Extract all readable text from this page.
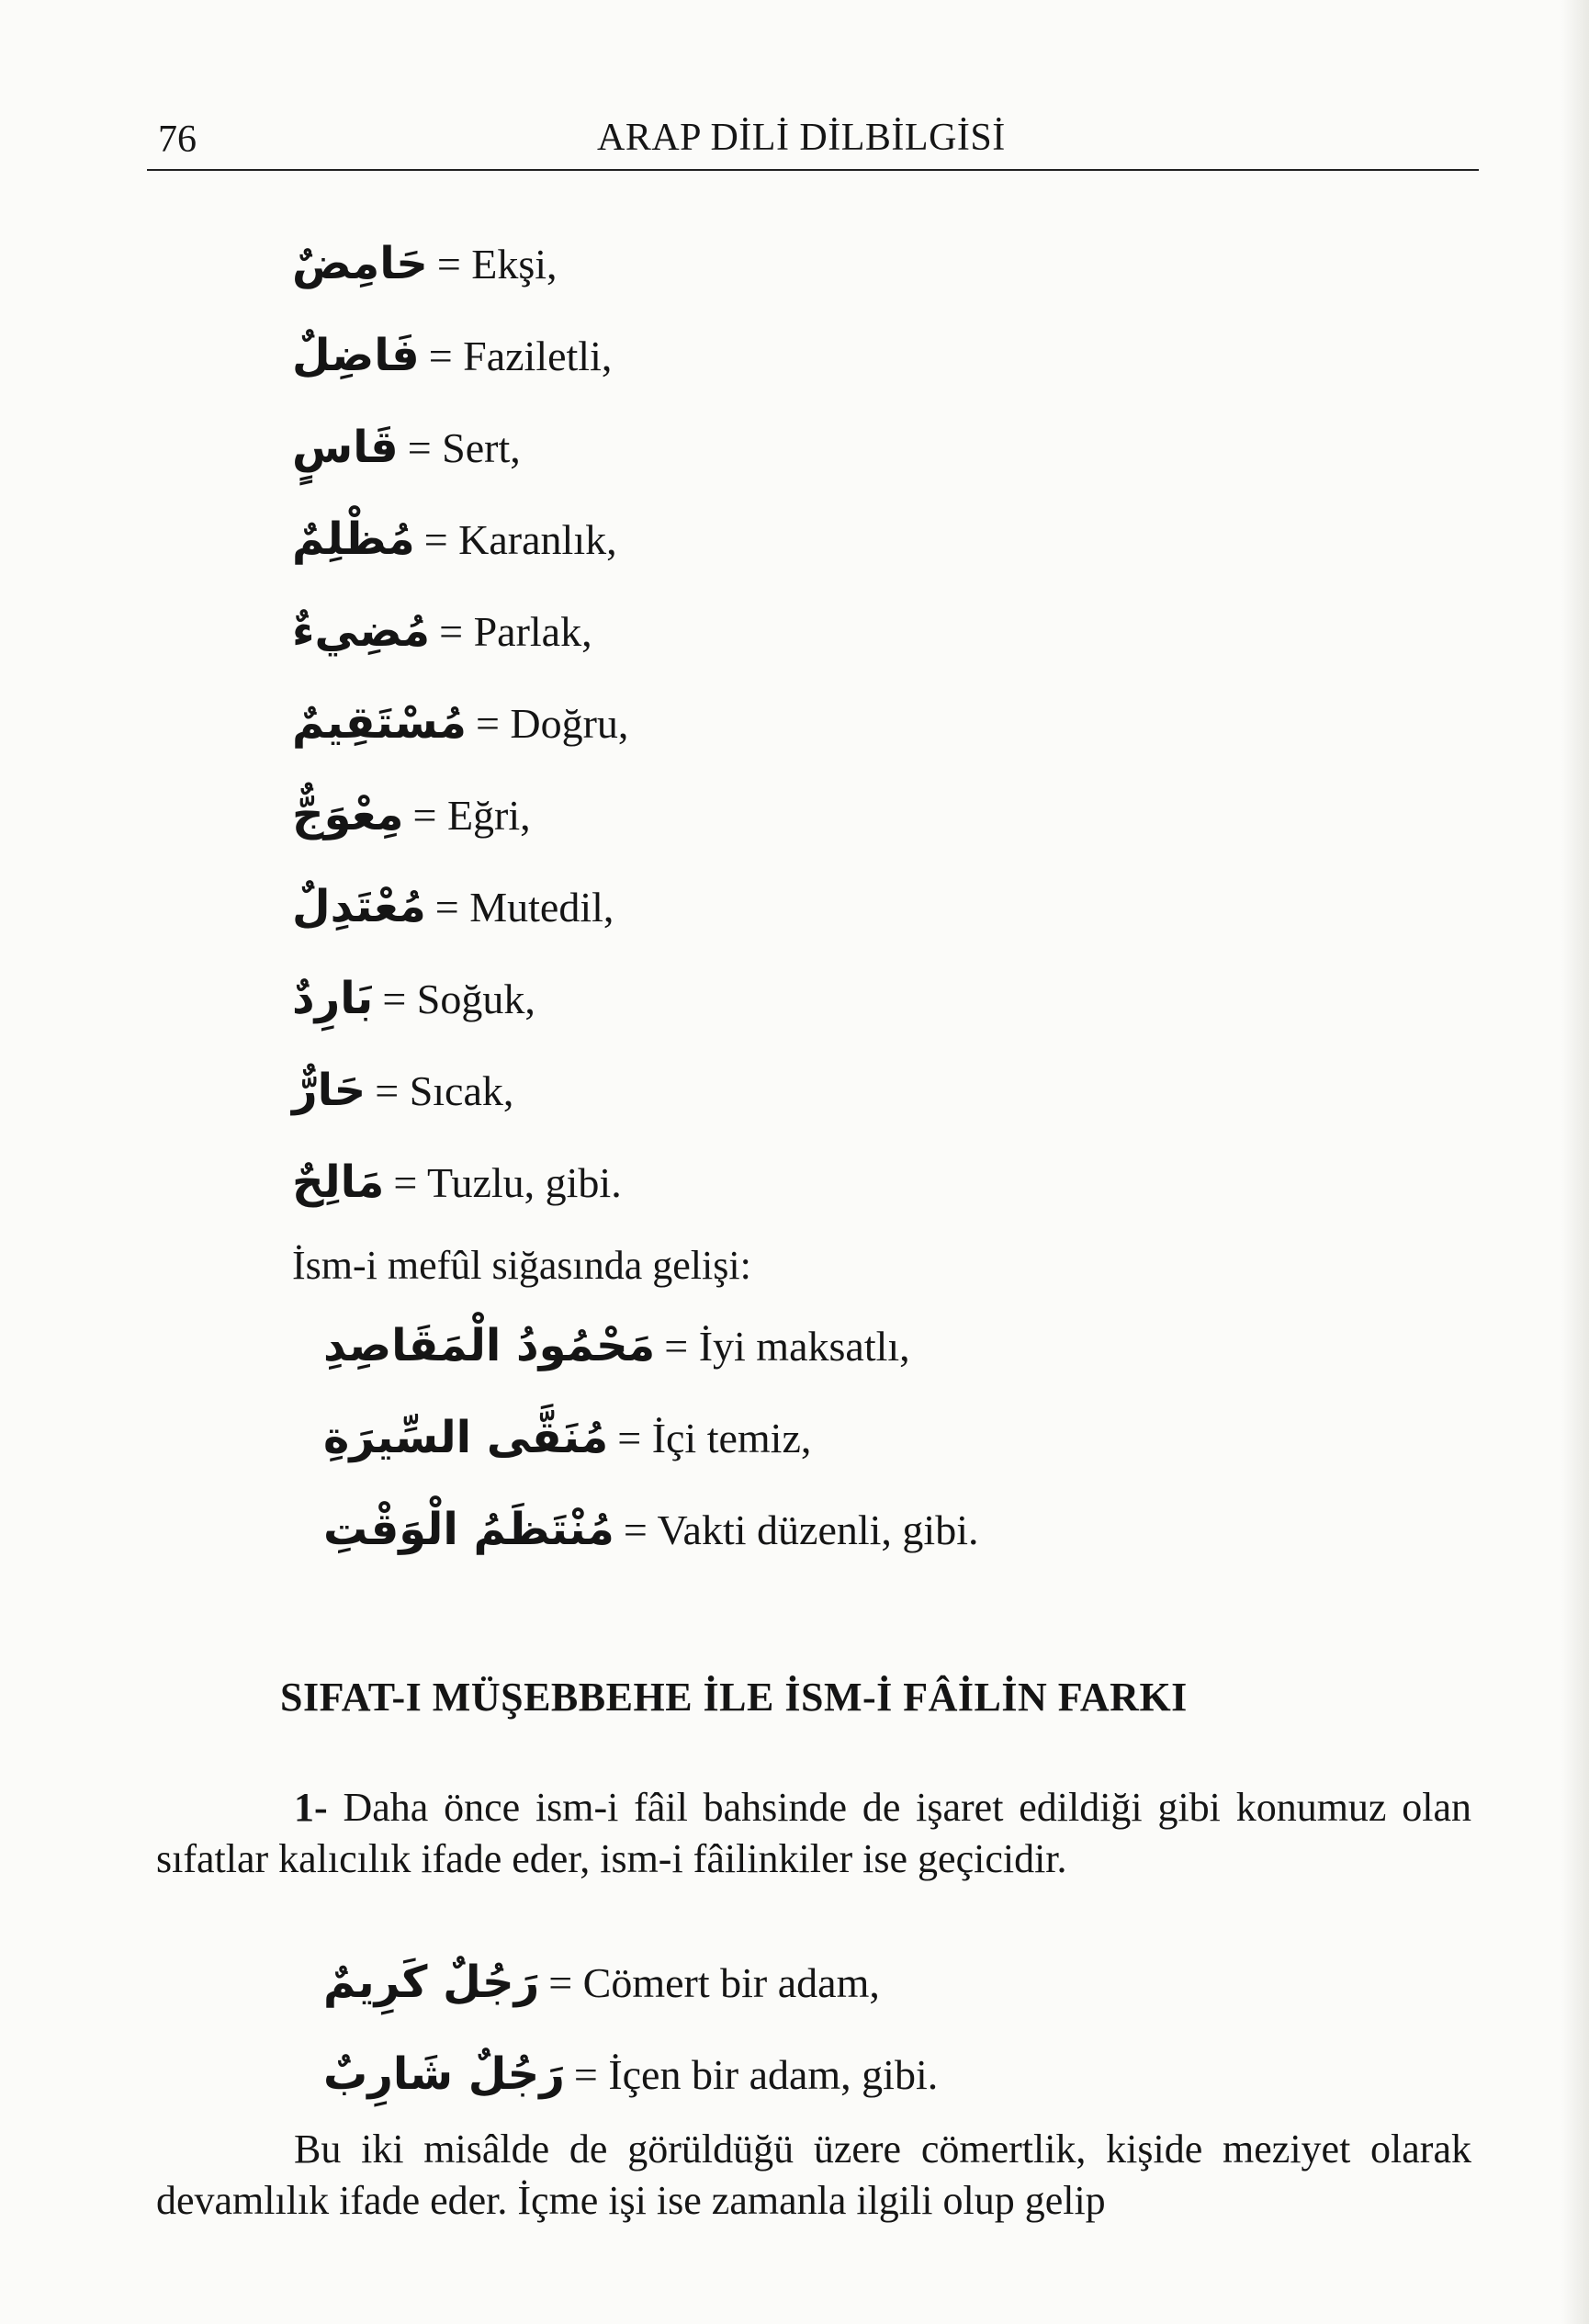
76	ARAP DİLİ DİLBİLGİSİ
حَامِضٌ = Ekşi,
فَاضِلٌ = Faziletli,
قَاسٍ = Sert,
مُظْلِمٌ = Karanlık,
مُضِيءٌ = Parlak,
مُسْتَقِيمٌ = Doğru,
مِعْوَجٌّ = Eğri,
مُعْتَدِلٌ = Mutedil,
بَارِدٌ = Soğuk,
حَارٌّ = Sıcak,
مَالِحٌ = Tuzlu, gibi.
İsm-i mefûl siğasında gelişi:
مَحْمُودُ الْمَقَاصِدِ = İyi maksatlı,
مُنَقَّى السِّيرَةِ = İçi temiz,
مُنْتَظَمُ الْوَقْتِ = Vakti düzenli, gibi.
SIFAT-I MÜŞEBBEHE İLE İSM-İ FÂİLİN FARKI
1- Daha önce ism-i fâil bahsinde de işaret edildiği gibi konumuz olan sıfatlar kalıcılık ifade eder, ism-i fâilinkiler ise geçicidir.
رَجُلٌ كَرِيمٌ = Cömert bir adam,
رَجُلٌ شَارِبٌ = İçen bir adam, gibi.
Bu iki misâlde de görüldüğü üzere cömertlik, kişide meziyet olarak devamlılık ifade eder. İçme işi ise zamanla ilgili olup gelip
